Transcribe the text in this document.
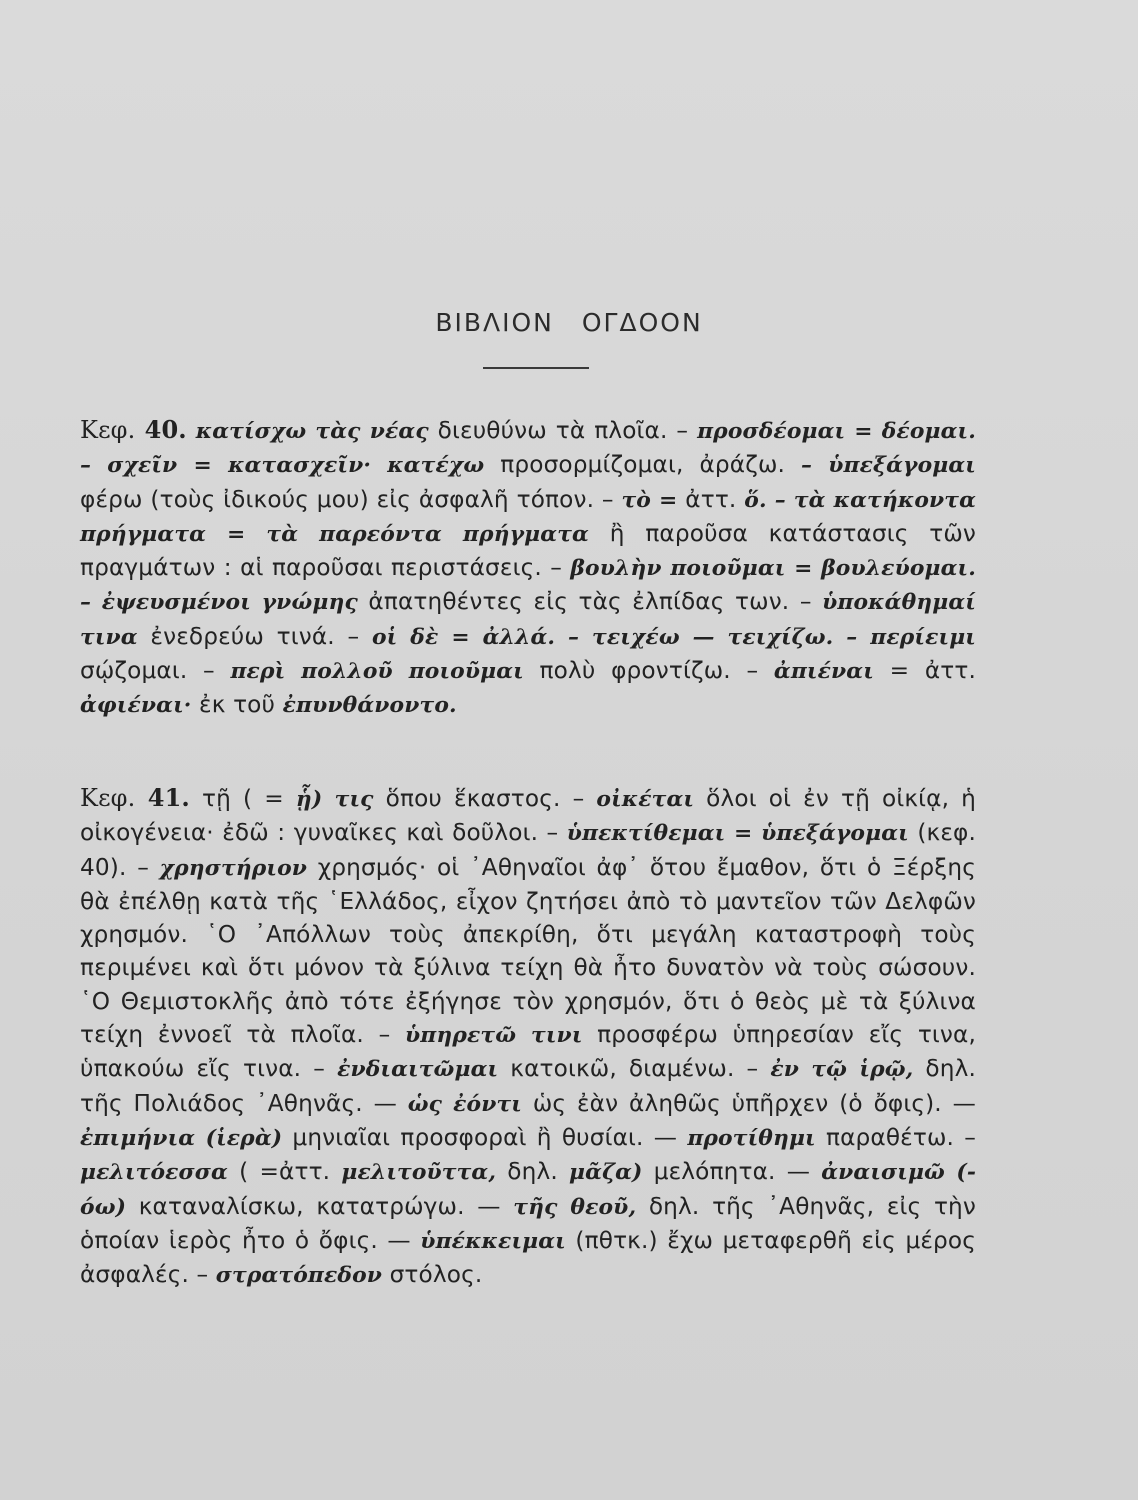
ΒΙΒΛΙΟΝ ΟΓΔΟΟΝ

Κεφ. 40. κατίσχω τὰς νέας διευθύνω τὰ πλοῖα. – προσδέομαι = δέομαι. – σχεῖν = κατασχεῖν· κατέχω προσορμίζομαι, ἀράζω. – ὑπεξάγομαι φέρω (τοὺς ἰδικούς μου) εἰς ἀσφαλῆ τόπον. – τὸ = ἀττ. ὅ. – τὰ κατήκοντα πρήγματα = τὰ παρεόντα πρήγματα ἢ παροῦσα κατάστασις τῶν πραγμάτων : αἱ παροῦσαι περιστάσεις. – βουλὴν ποιοῦμαι = βουλεύομαι. – ἐψευσμένοι γνώμης ἀπατηθέντες εἰς τὰς ἐλπίδας των. – ὑποκάθημαί τινα ἐνεδρεύω τινά. – οἱ δὲ = ἀλλά. – τειχέω — τειχίζω. – περίειμι σῴζομαι. – περὶ πολλοῦ ποιοῦμαι πολὺ φροντίζω. – ἀπιέναι = ἀττ. ἀφιέναι· ἐκ τοῦ ἐπυνθάνοντο.

Κεφ. 41. τῇ ( = ᾗ) τις ὅπου ἕκαστος. – οἰκέται ὅλοι οἱ ἐν τῇ οἰκίᾳ, ἡ οἰκογένεια· ἐδῶ : γυναῖκες καὶ δοῦλοι. – ὑπεκτίθεμαι = ὑπεξάγομαι (κεφ. 40). – χρηστήριον χρησμός· οἱ ᾿Αθηναῖοι ἀφ᾿ ὅτου ἔμαθον, ὅτι ὁ Ξέρξης θὰ ἐπέλθῃ κατὰ τῆς ῾Ελλάδος, εἶχον ζητήσει ἀπὸ τὸ μαντεῖον τῶν Δελφῶν χρησμόν. ῾Ο ᾿Απόλλων τοὺς ἀπεκρίθη, ὅτι μεγάλη καταστροφὴ τοὺς περιμένει καὶ ὅτι μόνον τὰ ξύλινα τείχη θὰ ἦτο δυνατὸν νὰ τοὺς σώσουν. ῾Ο Θεμιστοκλῆς ἀπὸ τότε ἐξήγησε τὸν χρησμόν, ὅτι ὁ θεὸς μὲ τὰ ξύλινα τείχη ἐννοεῖ τὰ πλοῖα. – ὑπηρετῶ τινι προσφέρω ὑπηρεσίαν εἴς τινα, ὑπακούω εἴς τινα. – ἐνδιαιτῶμαι κατοικῶ, διαμένω. – ἐν τῷ ἱρῷ, δηλ. τῆς Πολιάδος ᾿Αθηνᾶς. — ὡς ἐόντι ὡς ἐὰν ἀληθῶς ὑπῆρχεν (ὁ ὄφις). — ἐπιμήνια (ἱερὰ) μηνιαῖαι προσφοραὶ ἢ θυσίαι. — προτίθημι παραθέτω. – μελιτόεσσα ( =ἀττ. μελιτοῦττα, δηλ. μᾶζα) μελόπητα. — ἀναισιμῶ (- όω) καταναλίσκω, κατατρώγω. — τῆς θεοῦ, δηλ. τῆς ᾿Αθηνᾶς, εἰς τὴν ὁποίαν ἱερὸς ἦτο ὁ ὄφις. — ὑπέκκειμαι (πθτκ.) ἔχω μεταφερθῆ εἰς μέρος ἀσφαλές. – στρατόπεδον στόλος.
